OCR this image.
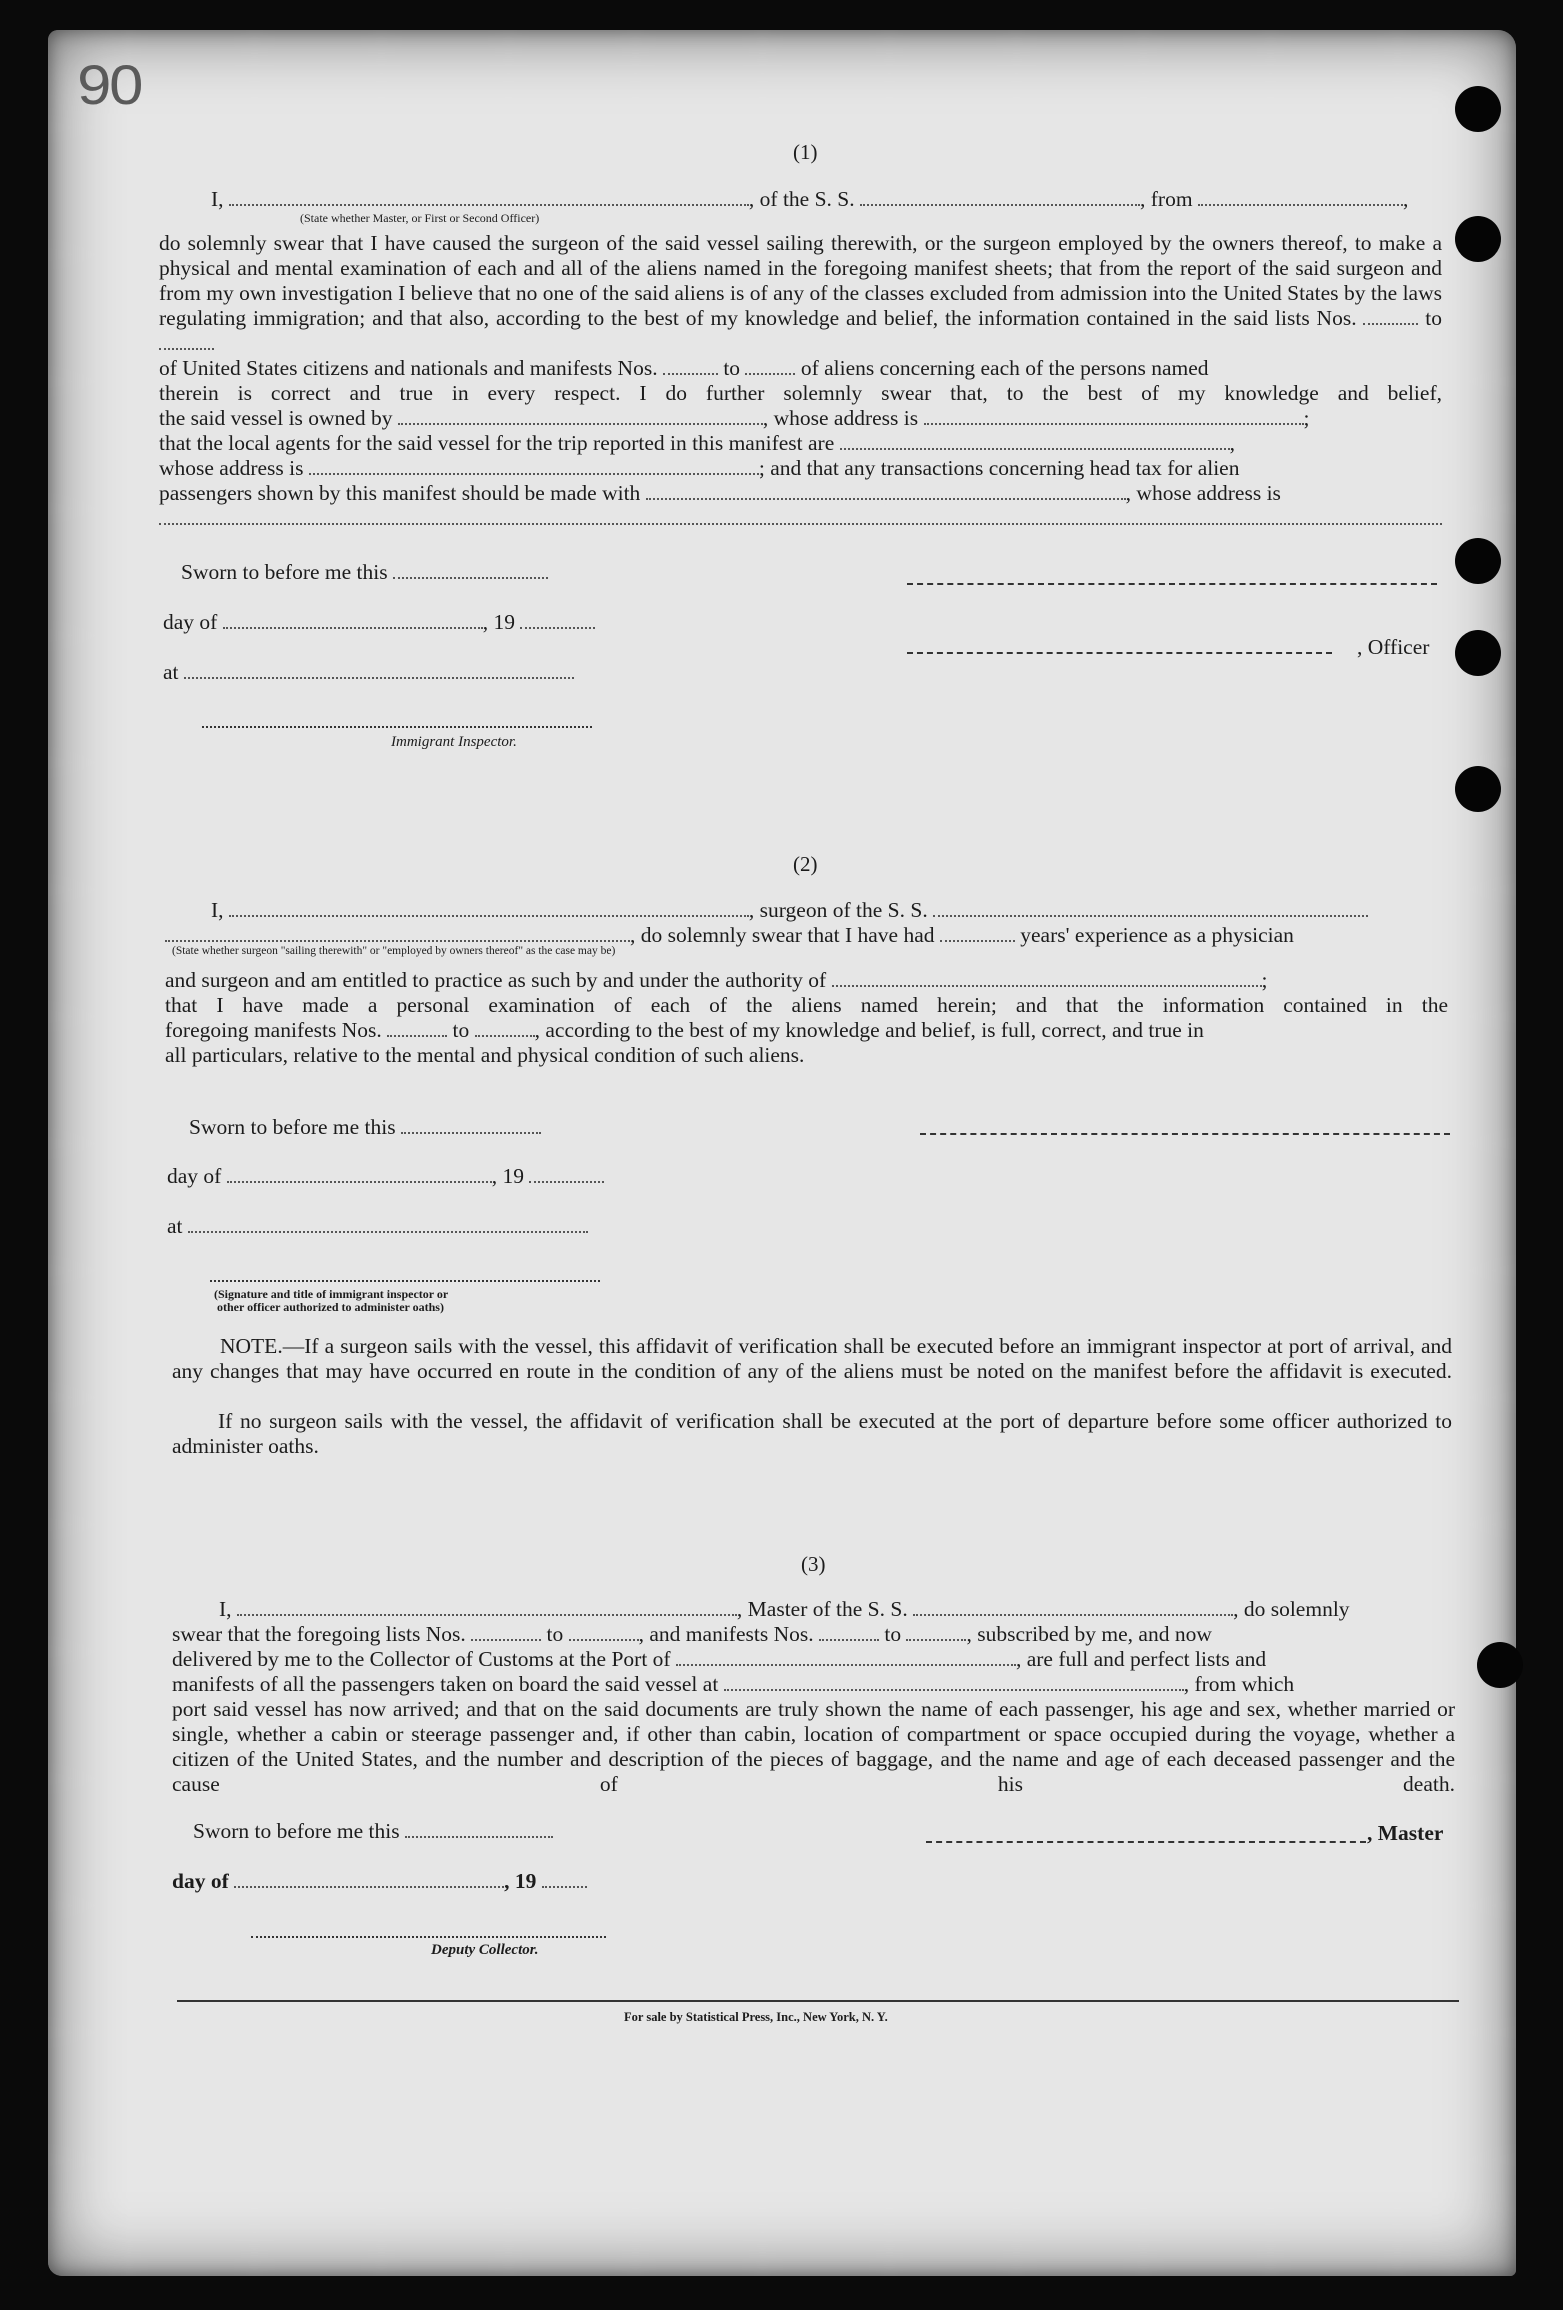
90
(1)
I,	, of the S. S.	, from	,
(State whether Master, or First or Second Officer)
do solemnly swear that I have caused the surgeon of the said vessel sailing therewith, or the surgeon employed by the owners thereof, to make a physical and mental examination of each and all of the aliens named in the foregoing manifest sheets; that from the report of the said surgeon and from my own investigation I believe that no one of the said aliens is of any of the classes excluded from admission into the United States by the laws regulating immigration; and that also, according to the best of my knowledge and belief, the information contained in the said lists Nos.	to
of United States citizens and nationals and manifests Nos.	to	of aliens concerning each of the persons named
therein is correct and true in every respect. I do further solemnly swear that, to the best of my knowledge and belief,
the said vessel is owned by	, whose address is	;
that the local agents for the said vessel for the trip reported in this manifest are	,
whose address is	; and that any transactions concerning head tax for alien
passengers shown by this manifest should be made with	, whose address is
Sworn to before me this
day of	, 19
, Officer
at
Immigrant Inspector.
(2)
I,	, surgeon of the S. S.
, do solemnly swear that I have had	years' experience as a physician
(State whether surgeon "sailing therewith" or "employed by owners thereof" as the case may be)
and surgeon and am entitled to practice as such by and under the authority of	;
that I have made a personal examination of each of the aliens named herein; and that the information contained in the
foregoing manifests Nos.	to	, according to the best of my knowledge and belief, is full, correct, and true in
all particulars, relative to the mental and physical condition of such aliens.
Sworn to before me this
day of	, 19
at
(Signature and title of immigrant inspector or
other officer authorized to administer oaths)
NOTE.—If a surgeon sails with the vessel, this affidavit of verification shall be executed before an immigrant inspector at port of arrival, and any changes that may have occurred en route in the condition of any of the aliens must be noted on the manifest before the affidavit is executed.
If no surgeon sails with the vessel, the affidavit of verification shall be executed at the port of departure before some officer authorized to administer oaths.
(3)
I,	, Master of the S. S.	, do solemnly
swear that the foregoing lists Nos.	to	, and manifests Nos.	to	, subscribed by me, and now
delivered by me to the Collector of Customs at the Port of	, are full and perfect lists and
manifests of all the passengers taken on board the said vessel at	, from which
port said vessel has now arrived; and that on the said documents are truly shown the name of each passenger, his age and sex, whether married or single, whether a cabin or steerage passenger and, if other than cabin, location of compartment or space occupied during the voyage, whether a citizen of the United States, and the number and description of the pieces of baggage, and the name and age of each deceased passenger and the cause of his death.
Sworn to before me this	, Master
day of	, 19
Deputy Collector.
For sale by Statistical Press, Inc., New York, N. Y.
